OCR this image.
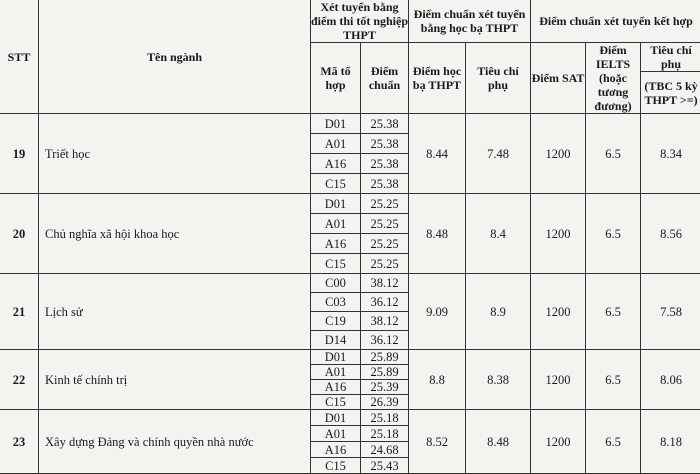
STT	Tên ngành	Xét tuyển bằng điểm thi tốt nghiệp THPT		Điểm chuẩn xét tuyển bằng học bạ THPT		Điểm chuẩn xét tuyển kết hợp		
		Mã tổ hợp	Điểm chuẩn	Điểm học bạ THPT	Tiêu chí phụ	Điểm SAT	Điểm IELTS (hoặc tương đương)	Tiêu chí phụ
								(TBC 5 kỳ THPT >=)
19	Triết học	D01	25.38	8.44	7.48	1200	6.5	8.34
		A01	25.38					
		A16	25.38					
		C15	25.38					
20	Chủ nghĩa xã hội khoa học	D01	25.25	8.48	8.4	1200	6.5	8.56
		A01	25.25					
		A16	25.25					
		C15	25.25					
21	Lịch sử	C00	38.12	9.09	8.9	1200	6.5	7.58
		C03	36.12					
		C19	38.12					
		D14	36.12					
22	Kinh tế chính trị	D01	25.89	8.8	8.38	1200	6.5	8.06
		A01	25.89					
		A16	25.39					
		C15	26.39					
23	Xây dựng Đảng và chính quyền nhà nước	D01	25.18	8.52	8.48	1200	6.5	8.18
		A01	25.18					
		A16	24.68					
		C15	25.43					
